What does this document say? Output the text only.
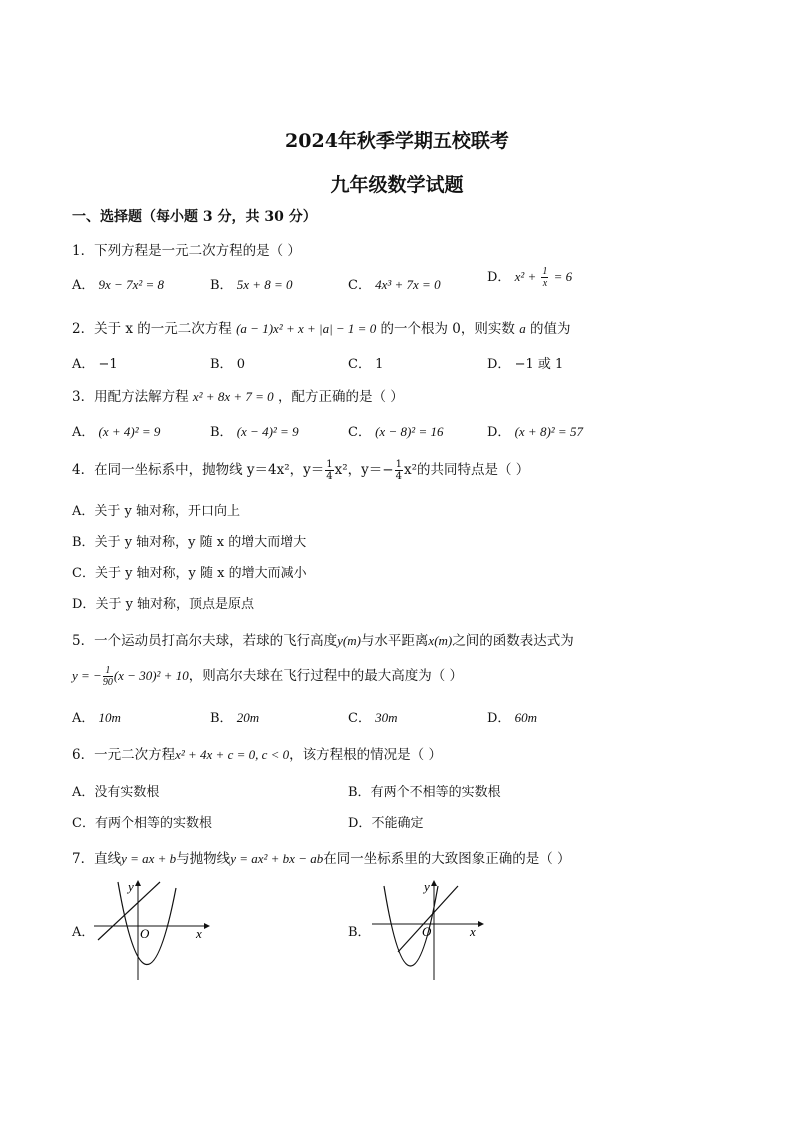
2024年秋季学期五校联考
九年级数学试题
一、选择题（每小题 3 分，共 30 分）
1．下列方程是一元二次方程的是（ ）
A． 9x − 7x² = 8	B． 5x + 8 = 0	C． 4x³ + 7x = 0	D． $x^2 + \frac{1}{x} = 6$
2．关于 x 的一元二次方程 (a − 1)x² + x + |a| − 1 = 0 的一个根为 0，则实数 a 的值为
A． −1	B． 0	C． 1	D． −1 或 1
3．用配方法解方程 x² + 8x + 7 = 0 ，配方正确的是（ ）
A． (x + 4)² = 9	B． (x − 4)² = 9	C． (x − 8)² = 16	D． (x + 8)² = 57
4．在同一坐标系中，抛物线 y＝4x²，$y= \frac{1}{4} x^2$，$y=- \frac{1}{4} x^2$的共同特点是（ ）
A．关于 y 轴对称，开口向上
B．关于 y 轴对称，y 随 x 的增大而增大
C．关于 y 轴对称，y 随 x 的增大而减小
D．关于 y 轴对称，顶点是原点
5．一个运动员打高尔夫球，若球的飞行高度y(m)与水平距离x(m)之间的函数表达式为
y = − $\frac{1}{90} (x - 30)^2 + 10$，则高尔夫球在飞行过程中的最大高度为（ ）
A． 10m	B． 20m	C． 30m	D． 60m
6．一元二次方程x² + 4x + c = 0, c < 0，该方程根的情况是（ ）
A．没有实数根	B．有两个不相等的实数根
C．有两个相等的实数根	D．不能确定
7．直线y = ax + b与抛物线y = ax² + bx − ab在同一坐标系里的大致图象正确的是（ ）
A．
y
x
O	B．
y
x
O
